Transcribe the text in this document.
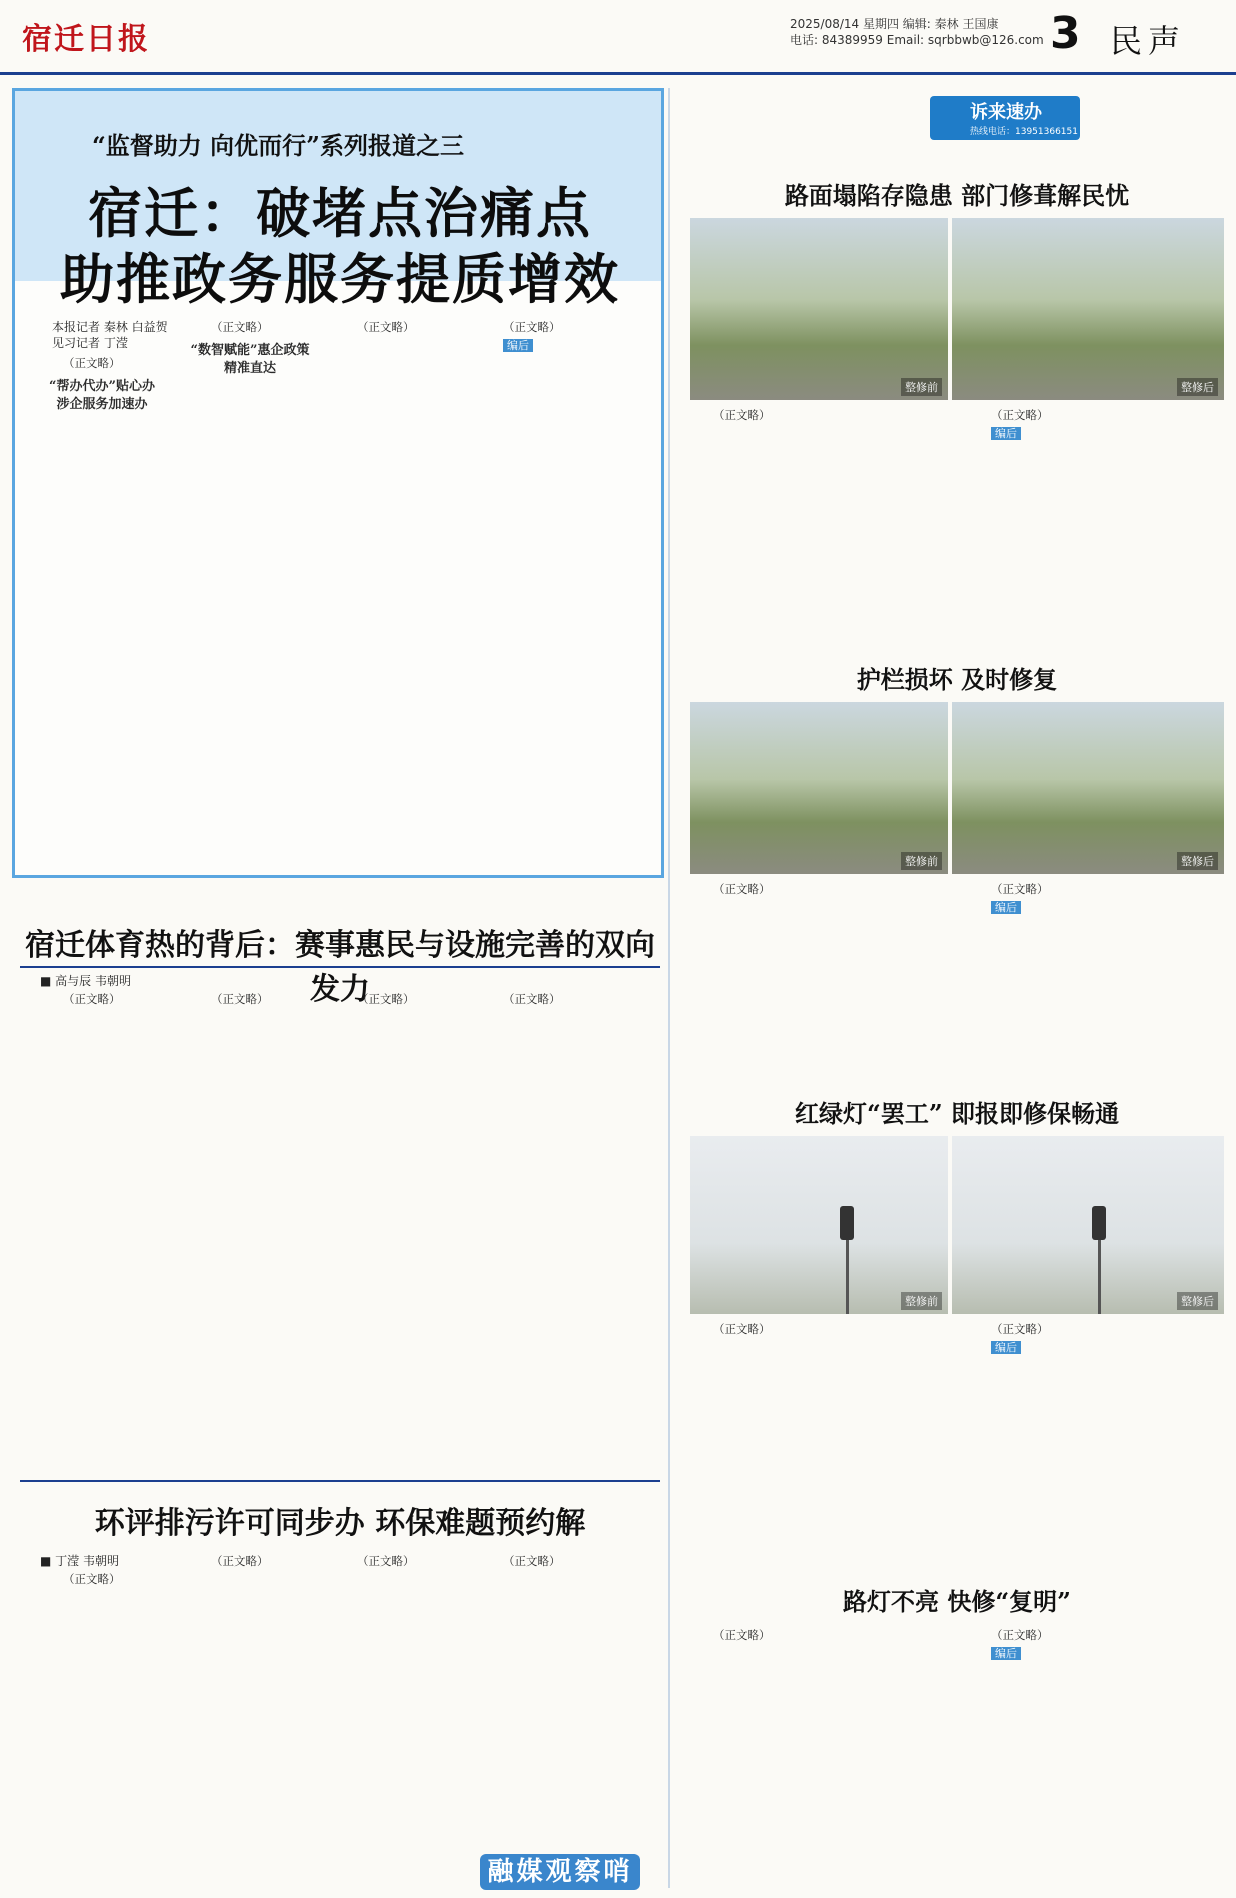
宿迁日报	2025/08/14 星期四 编辑: 秦林 王国康
电话: 84389959 Email: sqrbbwb@126.com 3 民声
“监督助力 向优而行”系列报道之三
宿迁：破堵点治痛点
助推政务服务提质增效
本报记者 秦林 白益贺
见习记者 丁滢

（正文略）

“帮办代办”贴心办
涉企服务加速办

（正文略）

“数智赋能”惠企政策
精准直达

（正文略）	（正文略）

编后

宿迁体育热的背后：赛事惠民与设施完善的双向发力
■ 高与辰 韦朝明

（正文略）	（正文略）	（正文略）	（正文略）

环评排污许可同步办 环保难题预约解
■ 丁滢 韦朝明

（正文略）

（正文略）	（正文略）	（正文略）

融媒观察哨
诉来速办
热线电话：13951366151
路面塌陷存隐患 部门修葺解民忧
整修前	整修后

（正文略）	（正文略）

编后

护栏损坏 及时修复
整修前	整修后

（正文略）	（正文略）

编后

红绿灯“罢工” 即报即修保畅通
整修前	整修后

（正文略）	（正文略）

编后

路灯不亮 快修“复明”

（正文略）	（正文略）

编后
